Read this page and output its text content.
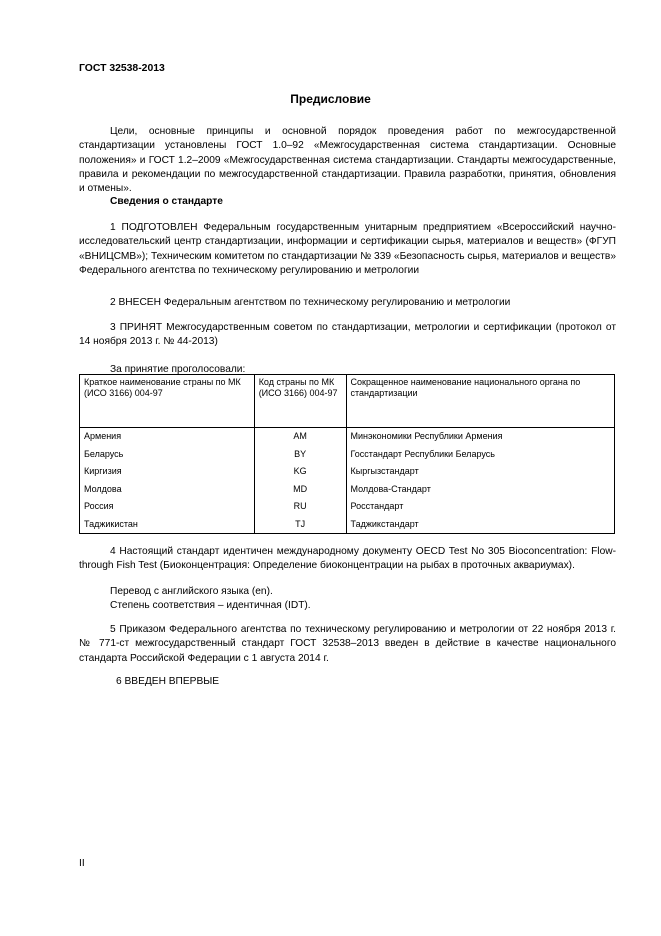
ГОСТ 32538-2013
Предисловие
Цели, основные принципы и основной порядок проведения работ по межгосударственной стандартизации установлены ГОСТ 1.0–92 «Межгосударственная система стандартизации. Основные положения» и ГОСТ 1.2–2009 «Межгосударственная система стандартизации. Стандарты межгосударственные, правила и рекомендации по межгосударственной стандартизации. Правила разработки, принятия, обновления и отмены».
Сведения о стандарте
1 ПОДГОТОВЛЕН Федеральным государственным унитарным предприятием «Всероссийский научно-исследовательский центр стандартизации, информации и сертификации сырья, материалов и веществ» (ФГУП «ВНИЦСМВ»); Техническим комитетом по стандартизации № 339 «Безопасность сырья, материалов и веществ» Федерального агентства по техническому регулированию и метрологии
2 ВНЕСЕН Федеральным агентством по техническому регулированию и метрологии
3 ПРИНЯТ Межгосударственным советом по стандартизации, метрологии и сертификации (протокол от 14 ноября 2013 г. № 44-2013)
За принятие проголосовали:
Краткое наименование страны по МК (ИСО 3166) 004-97	Код страны по МК (ИСО 3166) 004-97	Сокращенное наименование национального органа по стандартизации
Армения	AM	Минэкономики Республики Армения
Беларусь	BY	Госстандарт Республики Беларусь
Киргизия	KG	Кыргызстандарт
Молдова	MD	Молдова-Стандарт
Россия	RU	Росстандарт
Таджикистан	TJ	Таджикстандарт
4 Настоящий стандарт идентичен международному документу OECD Test No 305 Bioconcentration: Flow-through Fish Test (Биоконцентрация: Определение биоконцентрации на рыбах в проточных аквариумах).
Перевод с английского языка (en).
Степень соответствия – идентичная (IDT).
5 Приказом Федерального агентства по техническому регулированию и метрологии от 22 ноября 2013 г. № 771-ст межгосударственный стандарт ГОСТ 32538–2013 введен в действие в качестве национального стандарта Российской Федерации с 1 августа 2014 г.
6 ВВЕДЕН ВПЕРВЫЕ
II
